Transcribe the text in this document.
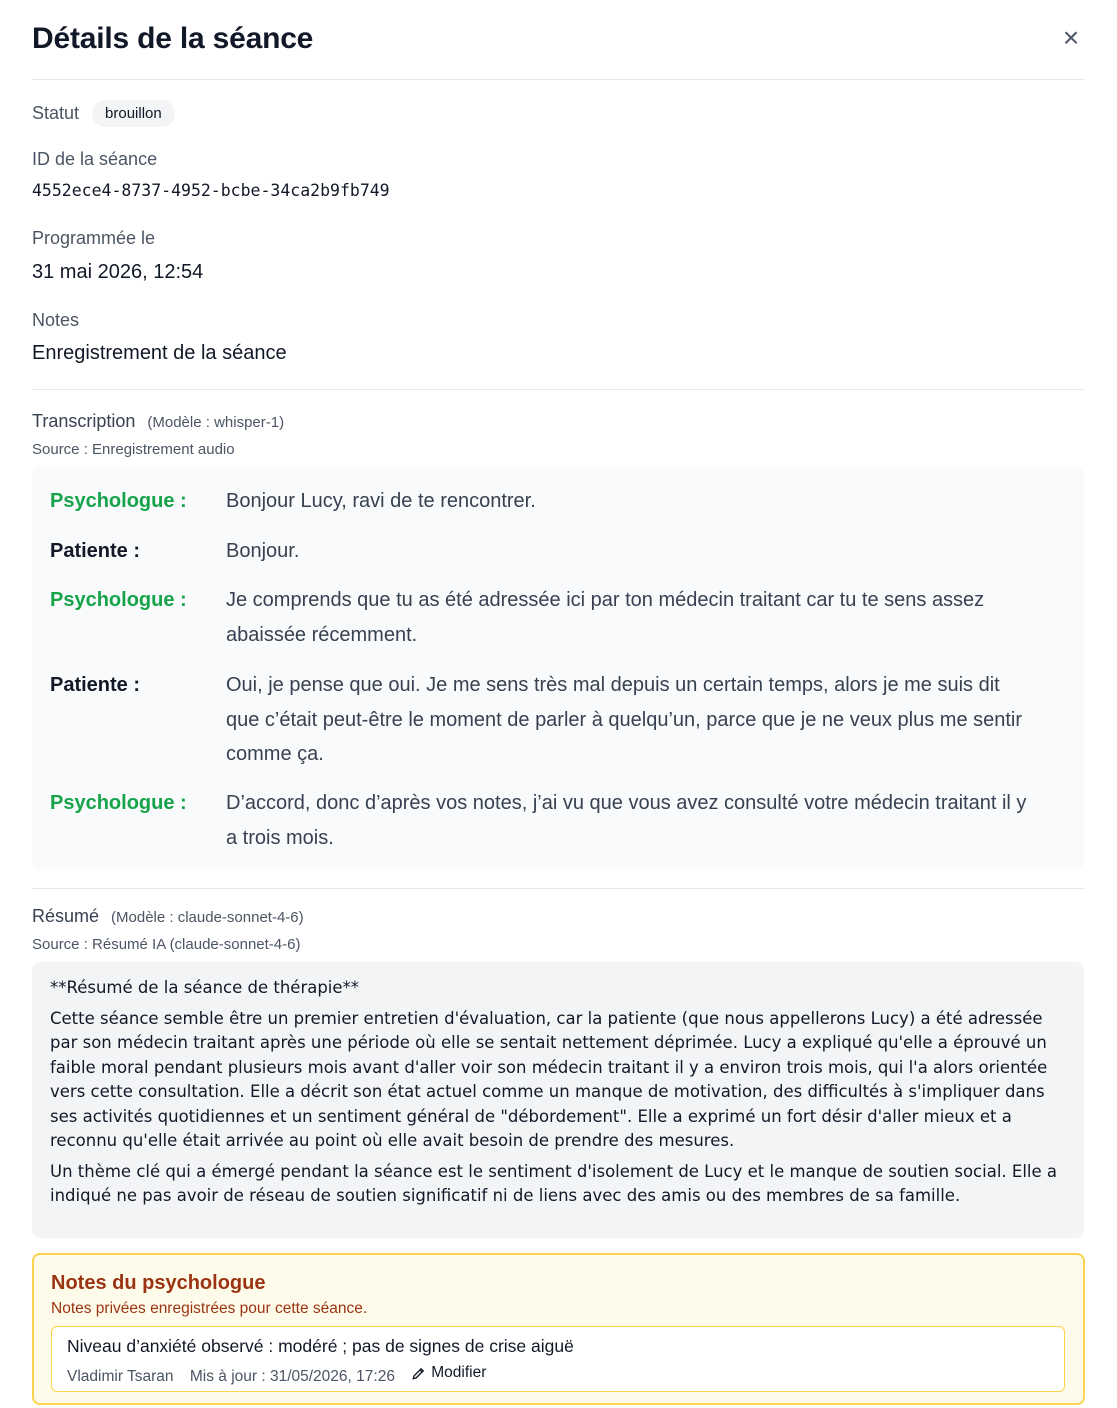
Détails de la séance	×
Statut	brouillon
ID de la séance
4552ece4-8737-4952-bcbe-34ca2b9fb749
Programmée le
31 mai 2026, 12:54
Notes
Enregistrement de la séance
Transcription (Modèle : whisper-1)
Source : Enregistrement audio
Psychologue : Bonjour Lucy, ravi de te rencontrer.
Patiente :	Bonjour.
Psychologue : Je comprends que tu as été adressée ici par ton médecin traitant car tu te sens assez abaissée récemment.
Patiente :	Oui, je pense que oui. Je me sens très mal depuis un certain temps, alors je me suis dit que c’était peut-être le moment de parler à quelqu’un, parce que je ne veux plus me sentir comme ça.
Psychologue : D’accord, donc d’après vos notes, j’ai vu que vous avez consulté votre médecin traitant il y a trois mois.
Résumé (Modèle : claude-sonnet-4-6)
Source : Résumé IA (claude-sonnet-4-6)

**Résumé de la séance de thérapie**

Cette séance semble être un premier entretien d'évaluation, car la patiente (que nous appellerons Lucy) a été adressée par son médecin traitant après une période où elle se sentait nettement déprimée. Lucy a expliqué qu'elle a éprouvé un faible moral pendant plusieurs mois avant d'aller voir son médecin traitant il y a environ trois mois, qui l'a alors orientée vers cette consultation. Elle a décrit son état actuel comme un manque de motivation, des difficultés à s'impliquer dans ses activités quotidiennes et un sentiment général de "débordement". Elle a exprimé un fort désir d'aller mieux et a reconnu qu'elle était arrivée au point où elle avait besoin de prendre des mesures.

Un thème clé qui a émergé pendant la séance est le sentiment d'isolement de Lucy et le manque de soutien social. Elle a indiqué ne pas avoir de réseau de soutien significatif ni de liens avec des amis ou des membres de sa famille.

Notes du psychologue
Notes privées enregistrées pour cette séance.
Niveau d’anxiété observé : modéré ; pas de signes de crise aiguë
Vladimir Tsaran Mis à jour : 31/05/2026, 17:26 Modifier
